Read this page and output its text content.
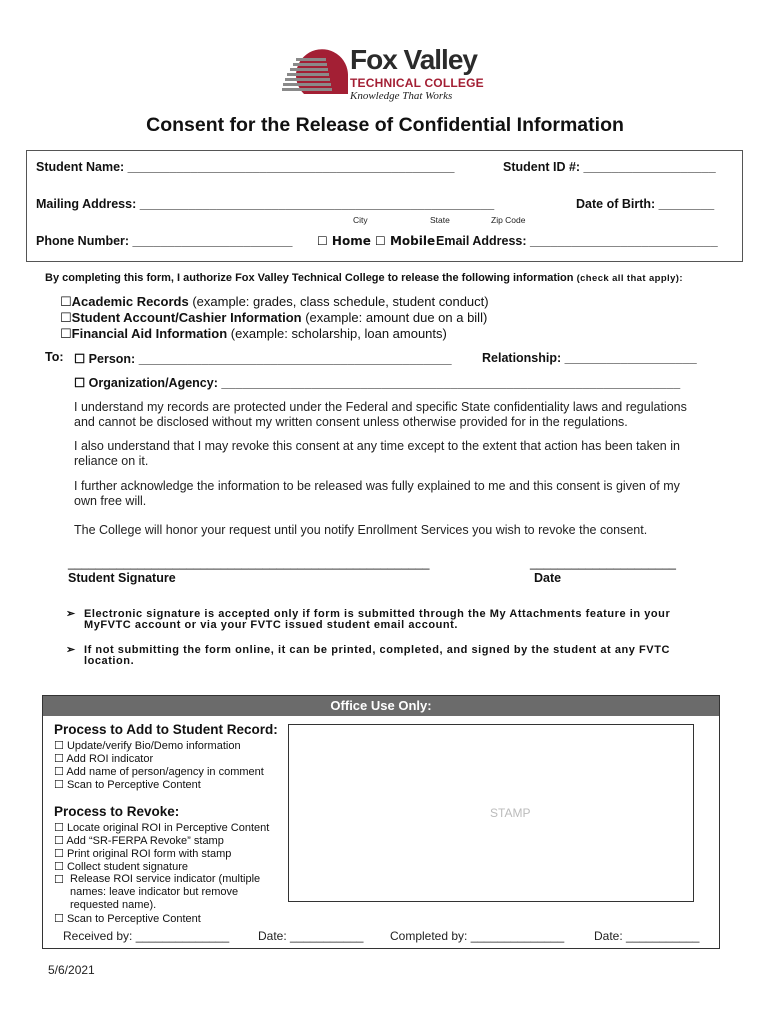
Fox Valley
TECHNICAL COLLEGE
Knowledge That Works
Consent for the Release of Confidential Information
Student Name: _______________________________________________	Student ID #: ___________________
Mailing Address: ___________________________________________________	Date of Birth: ________
City	State	Zip Code
Phone Number: _______________________ ☐ Home ☐ Mobile Email Address: ___________________________
By completing this form, I authorize Fox Valley Technical College to release the following information (check all that apply):
☐Academic Records (example: grades, class schedule, student conduct)
☐Student Account/Cashier Information (example: amount due on a bill)
☐Financial Aid Information (example: scholarship, loan amounts)
To: ☐ Person: _____________________________________________ Relationship: ___________________
☐ Organization/Agency: __________________________________________________________________
I understand my records are protected under the Federal and specific State confidentiality laws and regulations and cannot be disclosed without my written consent unless otherwise provided for in the regulations.
I also understand that I may revoke this consent at any time except to the extent that action has been taken in reliance on it.
I further acknowledge the information to be released was fully explained to me and this consent is given of my own free will.
The College will honor your request until you notify Enrollment Services you wish to revoke the consent.
____________________________________________________	_____________________
Student Signature	Date
➢ Electronic signature is accepted only if form is submitted through the My Attachments feature in your MyFVTC account or via your FVTC issued student email account.
➢ If not submitting the form online, it can be printed, completed, and signed by the student at any FVTC location.
Office Use Only:
STAMP
Process to Add to Student Record:
☐ Update/verify Bio/Demo information
☐ Add ROI indicator
☐ Add name of person/agency in comment
☐ Scan to Perceptive Content
Process to Revoke:
☐ Locate original ROI in Perceptive Content
☐ Add “SR-FERPA Revoke” stamp
☐ Print original ROI form with stamp
☐ Collect student signature
☐ Release ROI service indicator (multiple names: leave indicator but remove requested name).
☐ Scan to Perceptive Content
Received by: ______________ Date: ___________ Completed by: ______________ Date: ___________
5/6/2021
